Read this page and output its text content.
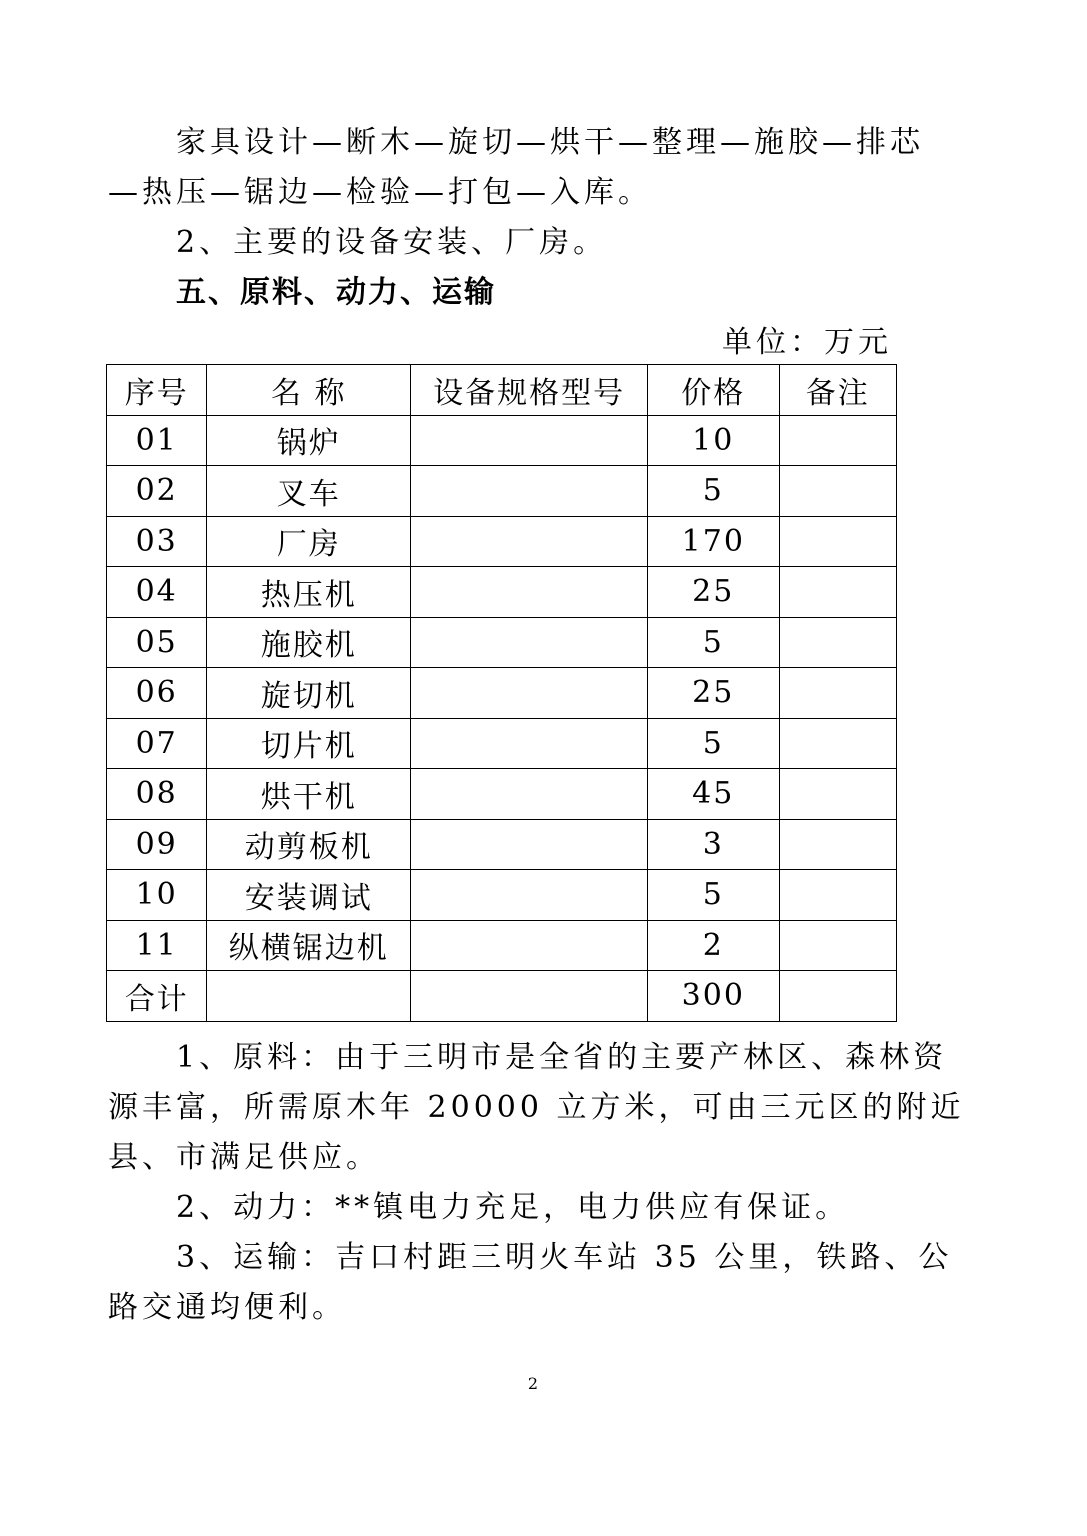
家具设计—断木—旋切—烘干—整理—施胶—排芯
—热压—锯边—检验—打包—入库。
2、主要的设备安装、厂房。
五、原料、动力、运输
单位：万元
序号	名 称	设备规格型号	价格	备注
01	锅炉		10	
02	叉车		5	
03	厂房		170	
04	热压机		25	
05	施胶机		5	
06	旋切机		25	
07	切片机		5	
08	烘干机		45	
09	动剪板机		3	
10	安装调试		5	
11	纵横锯边机		2	
合计			300	
1、原料：由于三明市是全省的主要产林区、森林资
源丰富，所需原木年 20000 立方米，可由三元区的附近
县、市满足供应。
2、动力：**镇电力充足，电力供应有保证。
3、运输：吉口村距三明火车站 35 公里，铁路、公
路交通均便利。
2
